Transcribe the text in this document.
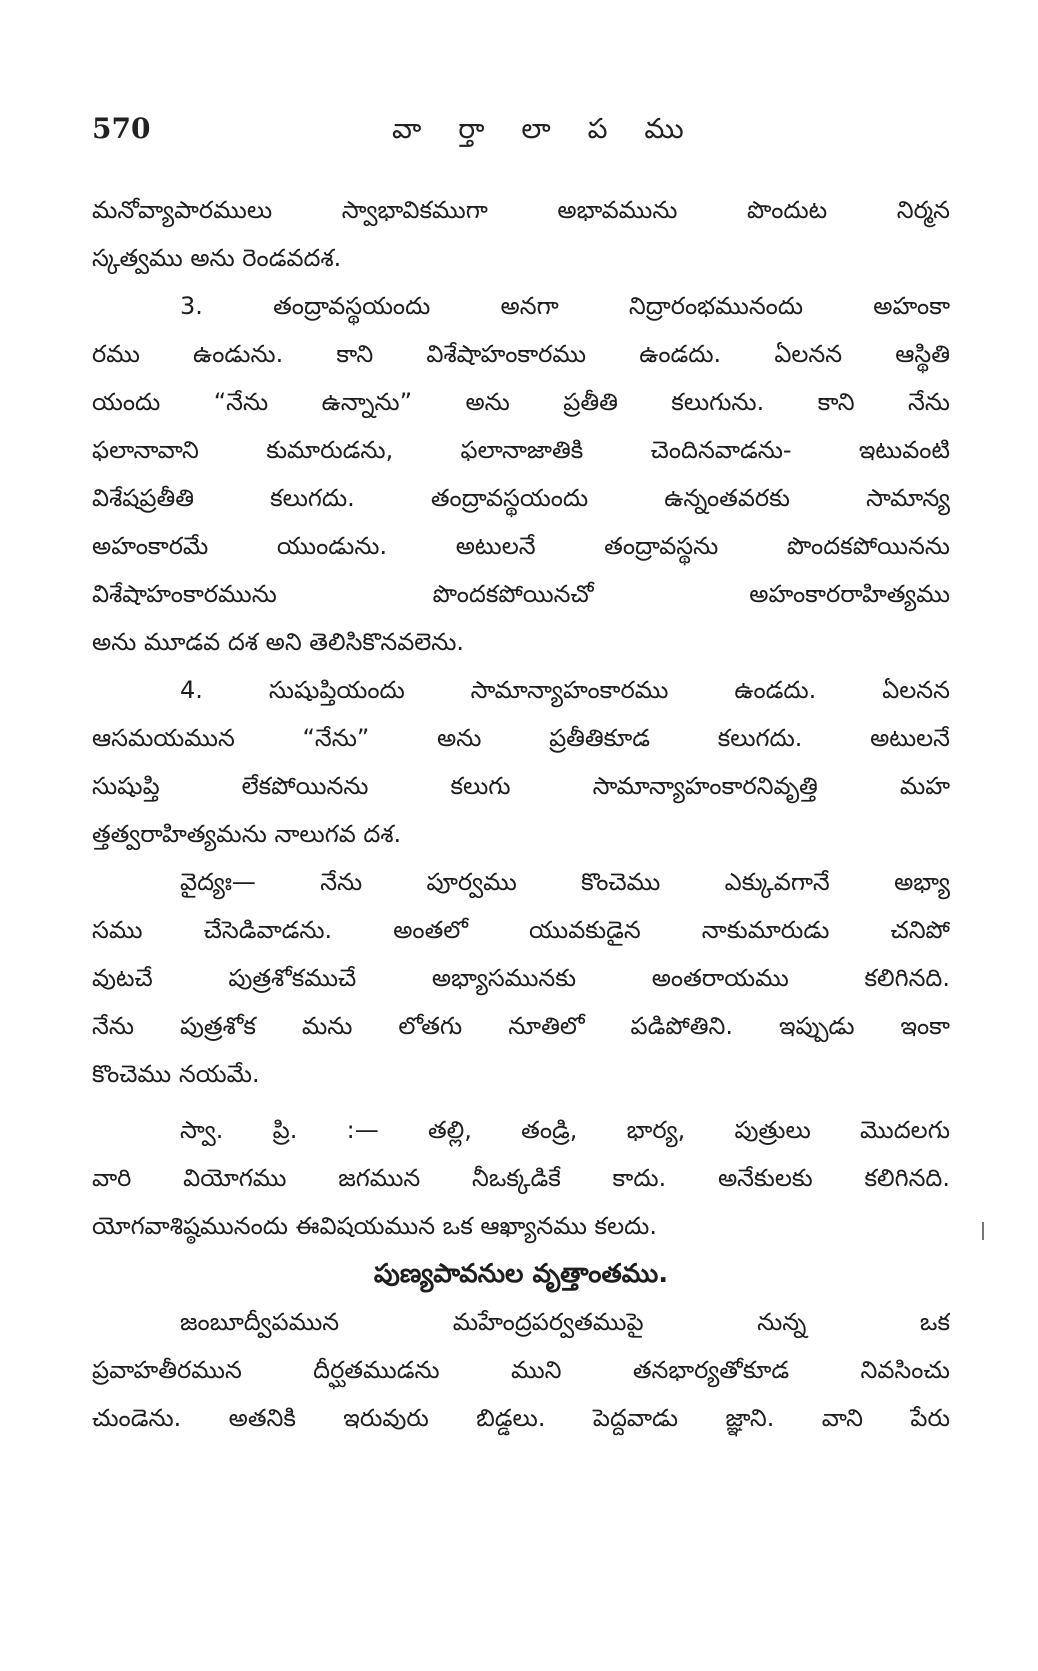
570	వా ర్తా లా ప ము
మనోవ్యాపారములు స్వాభావికముగా అభావమును పొందుట నిర్మన
స్కత్వము అను రెండవదశ.
3. తంద్రావస్థయందు అనగా నిద్రారంభమునందు అహంకా
రము ఉండును. కాని విశేషాహంకారము ఉండదు. ఏలనన ఆస్థితి
యందు “నేను ఉన్నాను” అను ప్రతీతి కలుగును. కాని నేను
ఫలానావాని కుమారుడను, ఫలానాజాతికి చెందినవాడను- ఇటువంటి
విశేషప్రతీతి కలుగదు. తంద్రావస్థయందు ఉన్నంతవరకు సామాన్య
అహంకారమే యుండును. అటులనే తంద్రావస్థను పొందకపోయినను
విశేషాహంకారమును పొందకపోయినచో అహంకారరాహిత్యము
అను మూడవ దశ అని తెలిసికొనవలెను.
4. సుషుప్తియందు సామాన్యాహంకారము ఉండదు. ఏలనన
ఆసమయమున “నేను” అను ప్రతీతికూడ కలుగదు. అటులనే
సుషుప్తి లేకపోయినను కలుగు సామాన్యాహంకారనివృత్తి మహ
త్తత్వరాహిత్యమను నాలుగవ దశ.
వైద్యః— నేను పూర్వము కొంచెము ఎక్కువగానే అభ్యా
సము చేసెడివాడను. అంతలో యువకుడైన నాకుమారుడు చనిపో
వుటచే పుత్రశోకముచే అభ్యాసమునకు అంతరాయము కలిగినది.
నేను పుత్రశోక మను లోతగు నూతిలో పడిపోతిని. ఇప్పుడు ఇంకా
కొంచెము నయమే.
స్వా. ప్రి. :— తల్లి, తండ్రి, భార్య, పుత్రులు మొదలగు
వారి వియోగము జగమున నీఒక్కడికే కాదు. అనేకులకు కలిగినది.
యోగవాశిష్ఠమునందు ఈవిషయమున ఒక ఆఖ్యానము కలదు.
పుణ్యపావనుల వృత్తాంతము.
జంబూద్వీపమున మహేంద్రపర్వతముపై నున్న ఒక
ప్రవాహతీరమున దీర్ఘతముడను ముని తనభార్యతోకూడ నివసించు
చుండెను. అతనికి ఇరువురు బిడ్డలు. పెద్దవాడు జ్ఞాని. వాని పేరు
